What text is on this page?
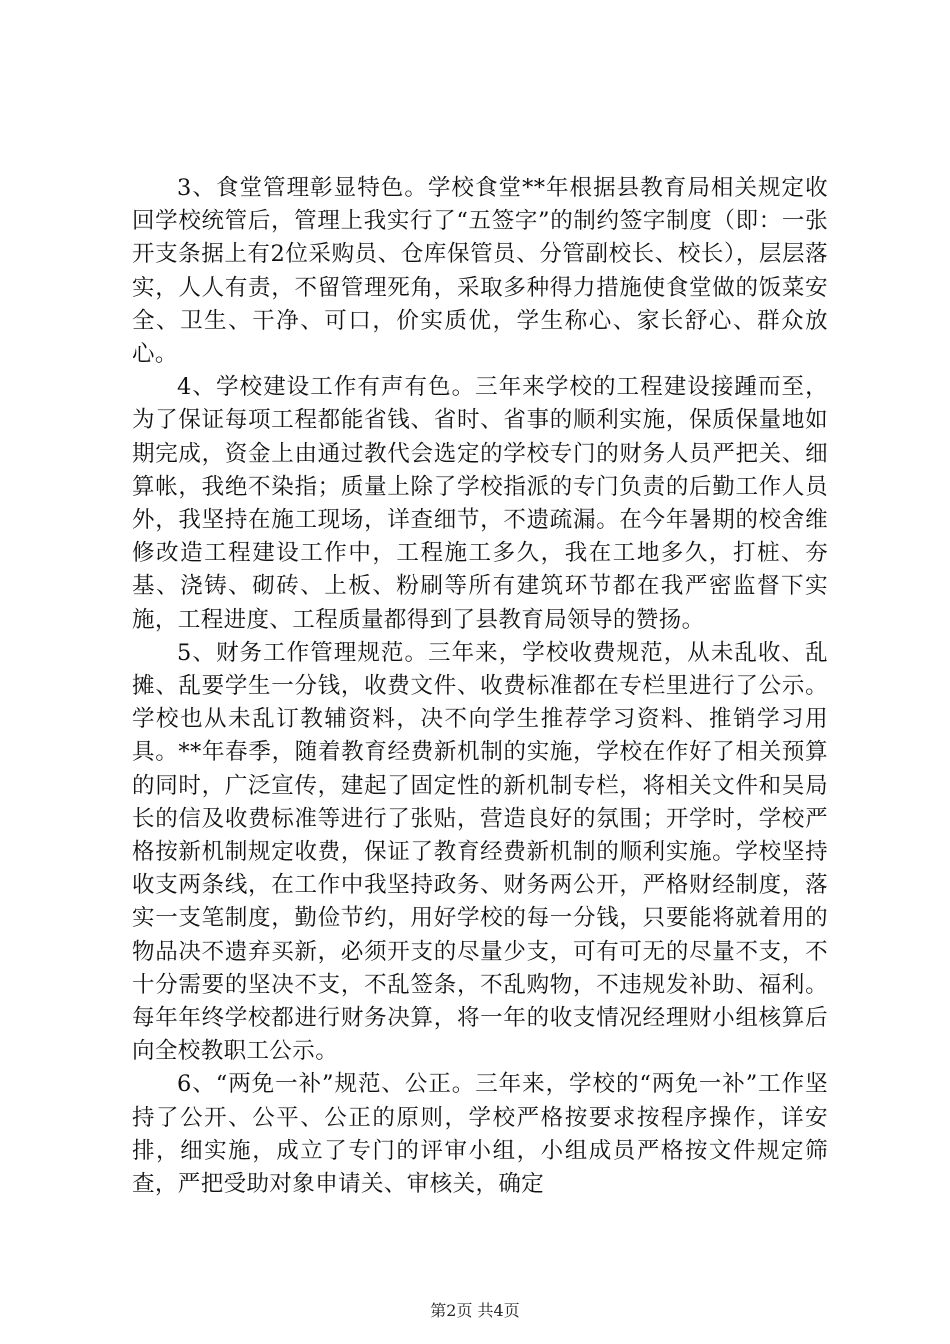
3、食堂管理彰显特色。学校食堂**年根据县教育局相关规定收回学校统管后，管理上我实行了“五签字”的制约签字制度（即：一张开支条据上有2位采购员、仓库保管员、分管副校长、校长），层层落实，人人有责，不留管理死角，采取多种得力措施使食堂做的饭菜安全、卫生、干净、可口，价实质优，学生称心、家长舒心、群众放心。

4、学校建设工作有声有色。三年来学校的工程建设接踵而至，为了保证每项工程都能省钱、省时、省事的顺利实施，保质保量地如期完成，资金上由通过教代会选定的学校专门的财务人员严把关、细算帐，我绝不染指；质量上除了学校指派的专门负责的后勤工作人员外，我坚持在施工现场，详查细节，不遗疏漏。在今年暑期的校舍维修改造工程建设工作中，工程施工多久，我在工地多久，打桩、夯基、浇铸、砌砖、上板、粉刷等所有建筑环节都在我严密监督下实施，工程进度、工程质量都得到了县教育局领导的赞扬。

5、财务工作管理规范。三年来，学校收费规范，从未乱收、乱摊、乱要学生一分钱，收费文件、收费标准都在专栏里进行了公示。学校也从未乱订教辅资料，决不向学生推荐学习资料、推销学习用具。**年春季，随着教育经费新机制的实施，学校在作好了相关预算的同时，广泛宣传，建起了固定性的新机制专栏，将相关文件和吴局长的信及收费标准等进行了张贴，营造良好的氛围；开学时，学校严格按新机制规定收费，保证了教育经费新机制的顺利实施。学校坚持收支两条线，在工作中我坚持政务、财务两公开，严格财经制度，落实一支笔制度，勤俭节约，用好学校的每一分钱，只要能将就着用的物品决不遗弃买新，必须开支的尽量少支，可有可无的尽量不支，不十分需要的坚决不支，不乱签条，不乱购物，不违规发补助、福利。每年年终学校都进行财务决算，将一年的收支情况经理财小组核算后向全校教职工公示。

6、“两免一补”规范、公正。三年来，学校的“两免一补”工作坚持了公开、公平、公正的原则，学校严格按要求按程序操作，详安排，细实施，成立了专门的评审小组，小组成员严格按文件规定筛查，严把受助对象申请关、审核关，确定

第2页 共4页
